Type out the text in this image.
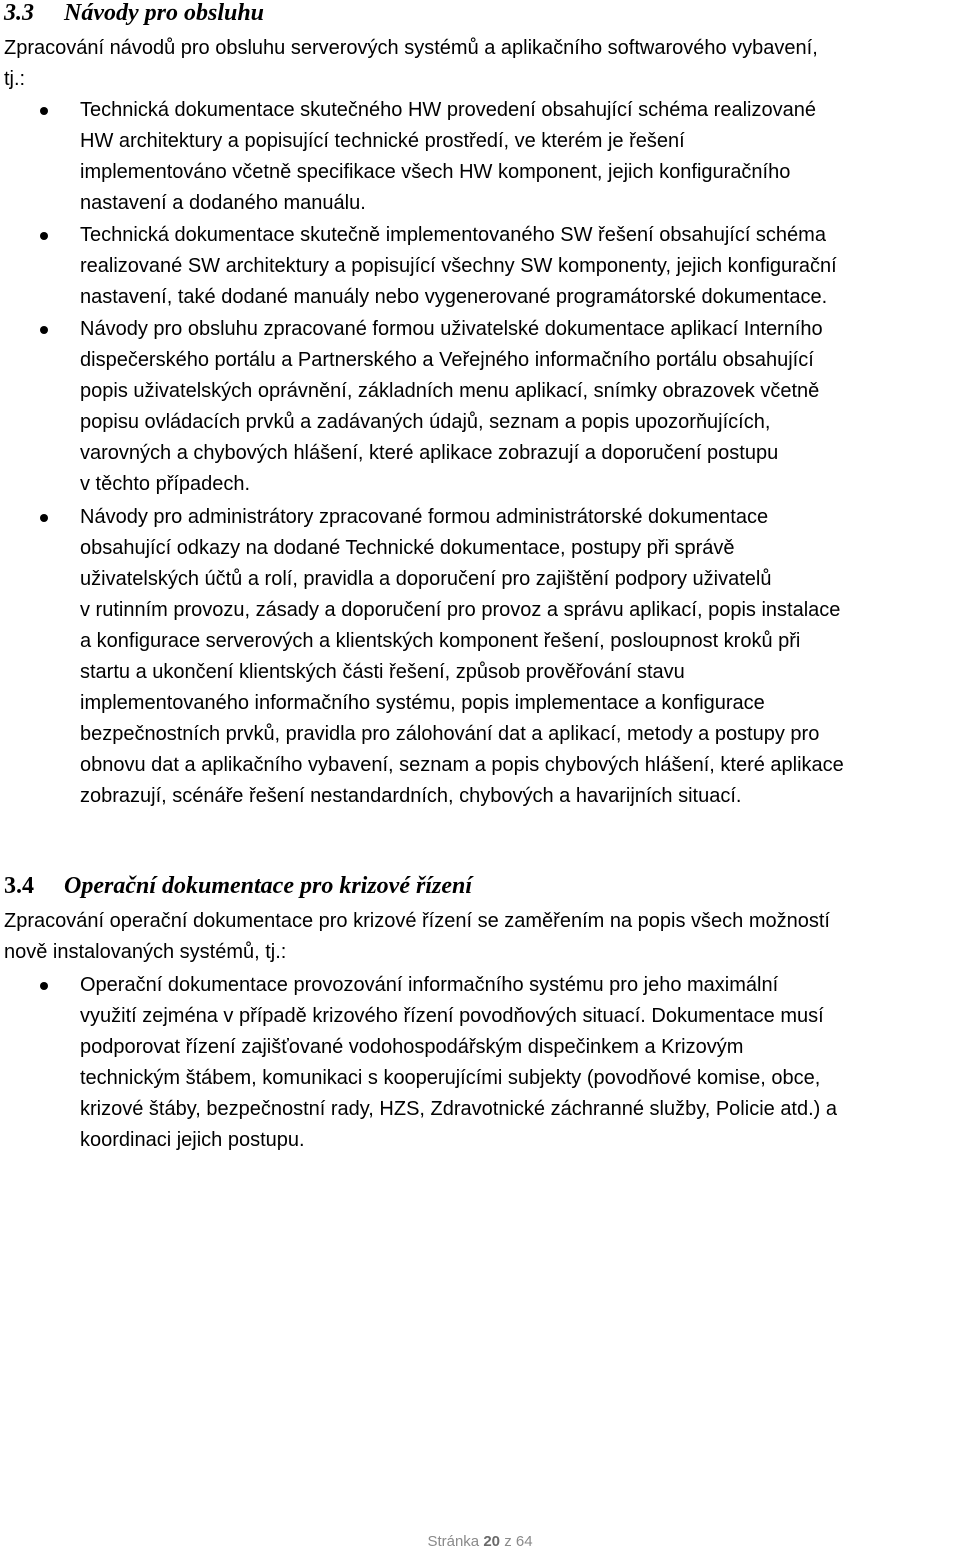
3.3 Návody pro obsluhu
Zpracování návodů pro obsluhu serverových systémů a aplikačního softwarového vybavení,
tj.:
Technická dokumentace skutečného HW provedení obsahující schéma realizované
HW architektury a popisující technické prostředí, ve kterém je řešení
implementováno včetně specifikace všech HW komponent, jejich konfiguračního
nastavení a dodaného manuálu.
Technická dokumentace skutečně implementovaného SW řešení obsahující schéma
realizované SW architektury a popisující všechny SW komponenty, jejich konfigurační
nastavení, také dodané manuály nebo vygenerované programátorské dokumentace.
Návody pro obsluhu zpracované formou uživatelské dokumentace aplikací Interního
dispečerského portálu a Partnerského a Veřejného informačního portálu obsahující
popis uživatelských oprávnění, základních menu aplikací, snímky obrazovek včetně
popisu ovládacích prvků a zadávaných údajů, seznam a popis upozorňujících,
varovných a chybových hlášení, které aplikace zobrazují a doporučení postupu
v těchto případech.
Návody pro administrátory zpracované formou administrátorské dokumentace
obsahující odkazy na dodané Technické dokumentace, postupy při správě
uživatelských účtů a rolí, pravidla a doporučení pro zajištění podpory uživatelů
v rutinním provozu, zásady a doporučení pro provoz a správu aplikací, popis instalace
a konfigurace serverových a klientských komponent řešení, posloupnost kroků při
startu a ukončení klientských části řešení, způsob prověřování stavu
implementovaného informačního systému, popis implementace a konfigurace
bezpečnostních prvků, pravidla pro zálohování dat a aplikací, metody a postupy pro
obnovu dat a aplikačního vybavení, seznam a popis chybových hlášení, které aplikace
zobrazují, scénáře řešení nestandardních, chybových a havarijních situací.
3.4 Operační dokumentace pro krizové řízení
Zpracování operační dokumentace pro krizové řízení se zaměřením na popis všech možností
nově instalovaných systémů, tj.:
Operační dokumentace provozování informačního systému pro jeho maximální
využití zejména v případě krizového řízení povodňových situací. Dokumentace musí
podporovat řízení zajišťované vodohospodářským dispečinkem a Krizovým
technickým štábem, komunikaci s kooperujícími subjekty (povodňové komise, obce,
krizové štáby, bezpečnostní rady, HZS, Zdravotnické záchranné služby, Policie atd.) a
koordinaci jejich postupu.
Stránka 20 z 64
